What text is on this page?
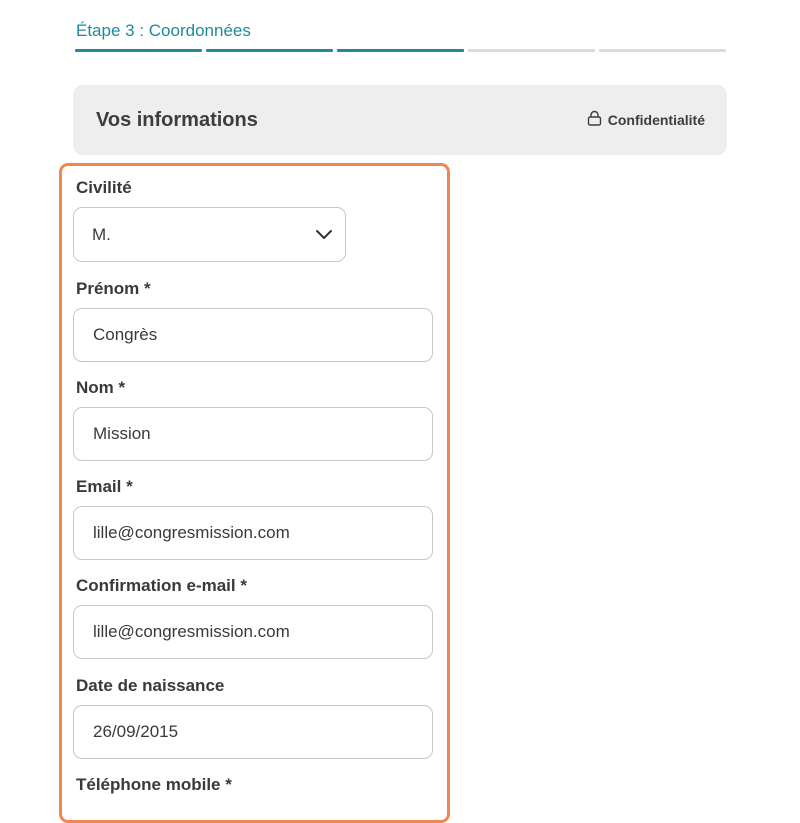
Étape 3 : Coordonnées
Vos informations	Confidentialité
Civilité
M.
Prénom *
Congrès
Nom *
Mission
Email *
lille@congresmission.com
Confirmation e-mail *
lille@congresmission.com
Date de naissance
26/09/2015
Téléphone mobile *
